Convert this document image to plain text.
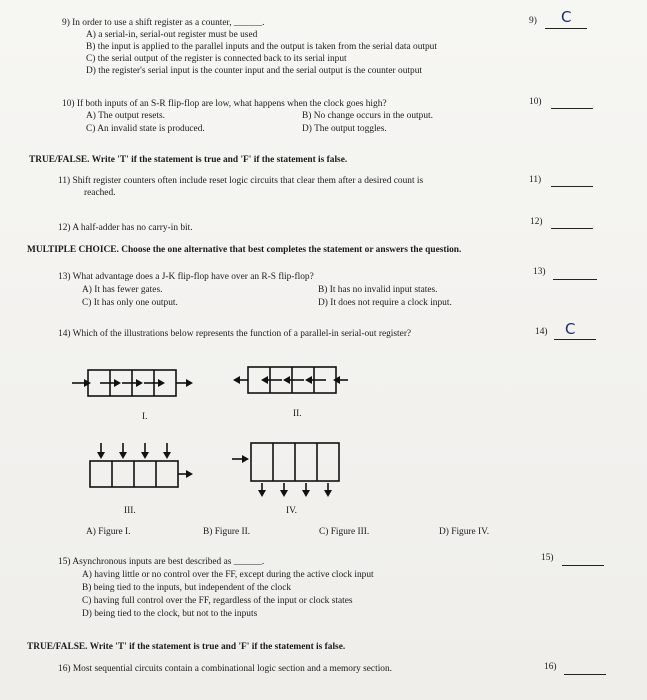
9) In order to use a shift register as a counter, ______.
A) a serial-in, serial-out register must be used
B) the input is applied to the parallel inputs and the output is taken from the serial data output
C) the serial output of the register is connected back to its serial input
D) the register's serial input is the counter input and the serial output is the counter output
9) C
10) If both inputs of an S-R flip-flop are low, what happens when the clock goes high?
A) The output resets.	B) No change occurs in the output.
C) An invalid state is produced.	D) The output toggles.
10)
TRUE/FALSE. Write 'T' if the statement is true and 'F' if the statement is false.
11) Shift register counters often include reset logic circuits that clear them after a desired count is
reached.
11)
12) A half-adder has no carry-in bit.
12)
MULTIPLE CHOICE. Choose the one alternative that best completes the statement or answers the question.
13) What advantage does a J-K flip-flop have over an R-S flip-flop?
A) It has fewer gates.	B) It has no invalid input states.
C) It has only one output.	D) It does not require a clock input.
13)
14) Which of the illustrations below represents the function of a parallel-in serial-out register?	14) C
I.	II.
III.	IV.
A) Figure I.	B) Figure II.	C) Figure III.	D) Figure IV.
15) Asynchronous inputs are best described as ______.
A) having little or no control over the FF, except during the active clock input
B) being tied to the inputs, but independent of the clock
C) having full control over the FF, regardless of the input or clock states
D) being tied to the clock, but not to the inputs
15)
TRUE/FALSE. Write 'T' if the statement is true and 'F' if the statement is false.
16) Most sequential circuits contain a combinational logic section and a memory section.	16)
